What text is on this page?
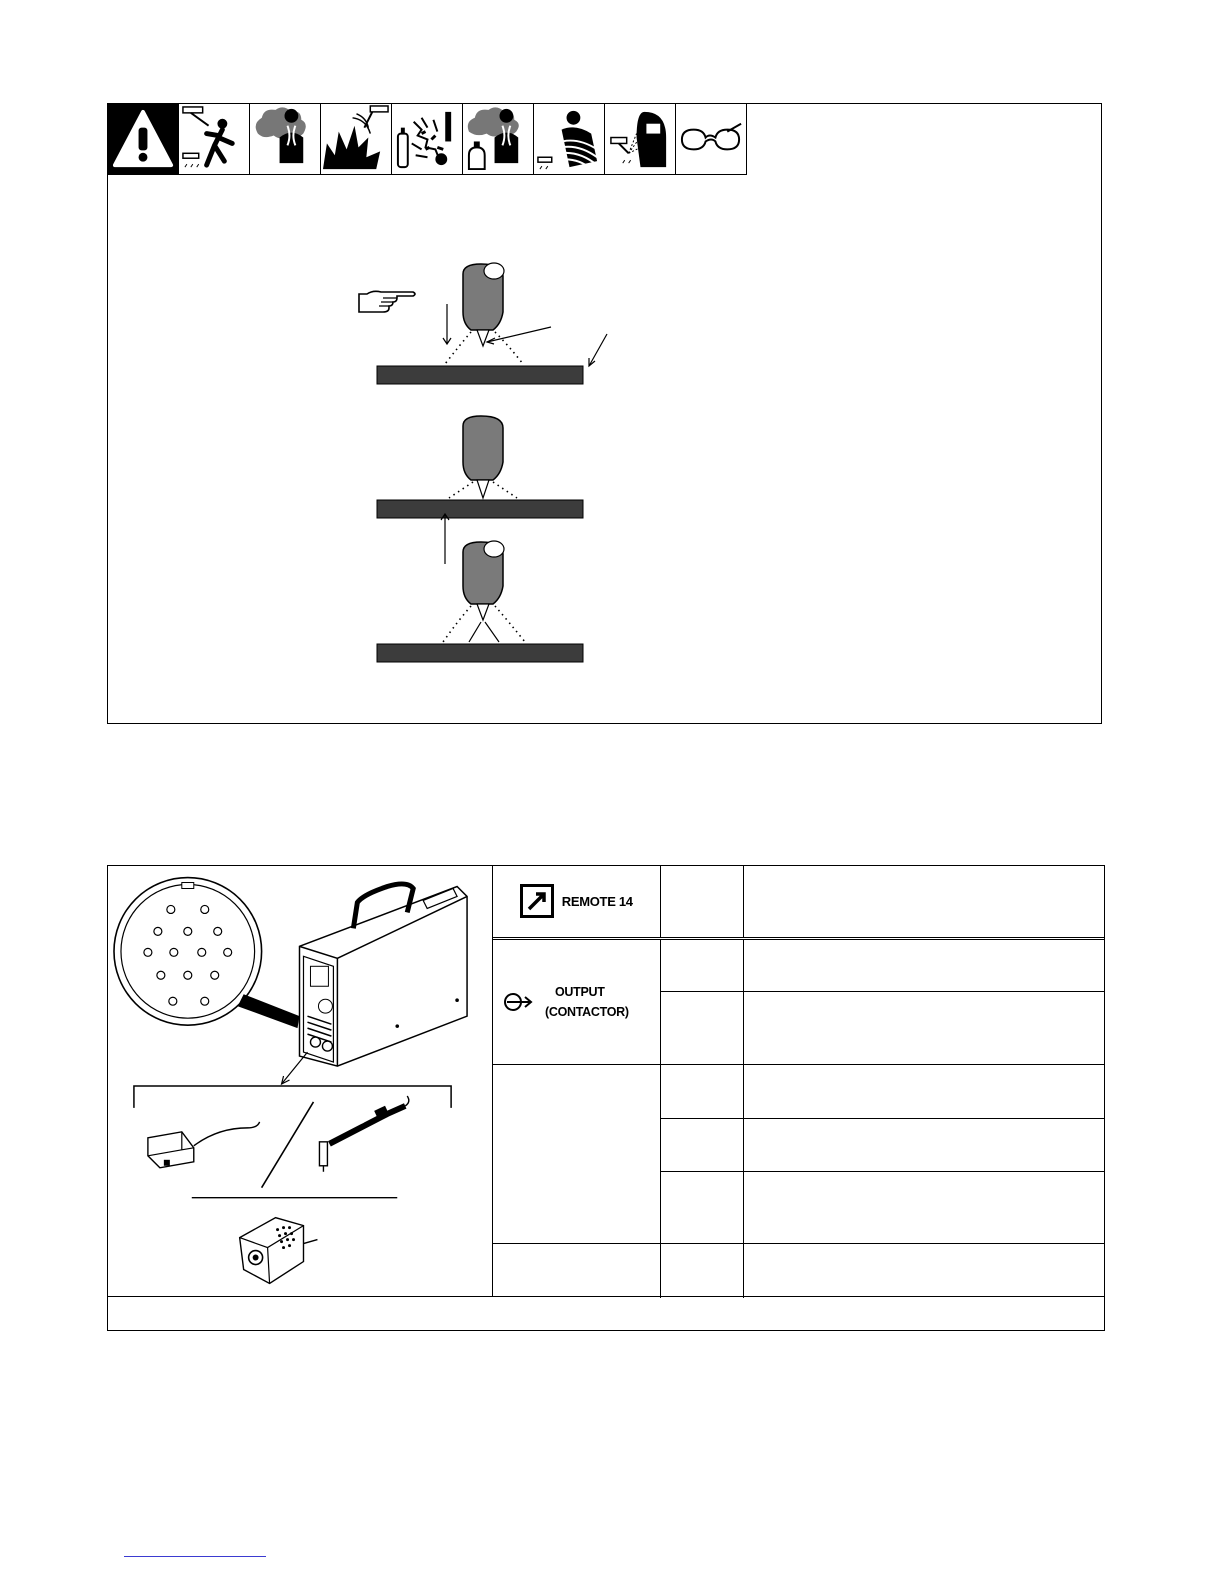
REMOTE 14		

OUTPUT
(CONTACTOR)		
